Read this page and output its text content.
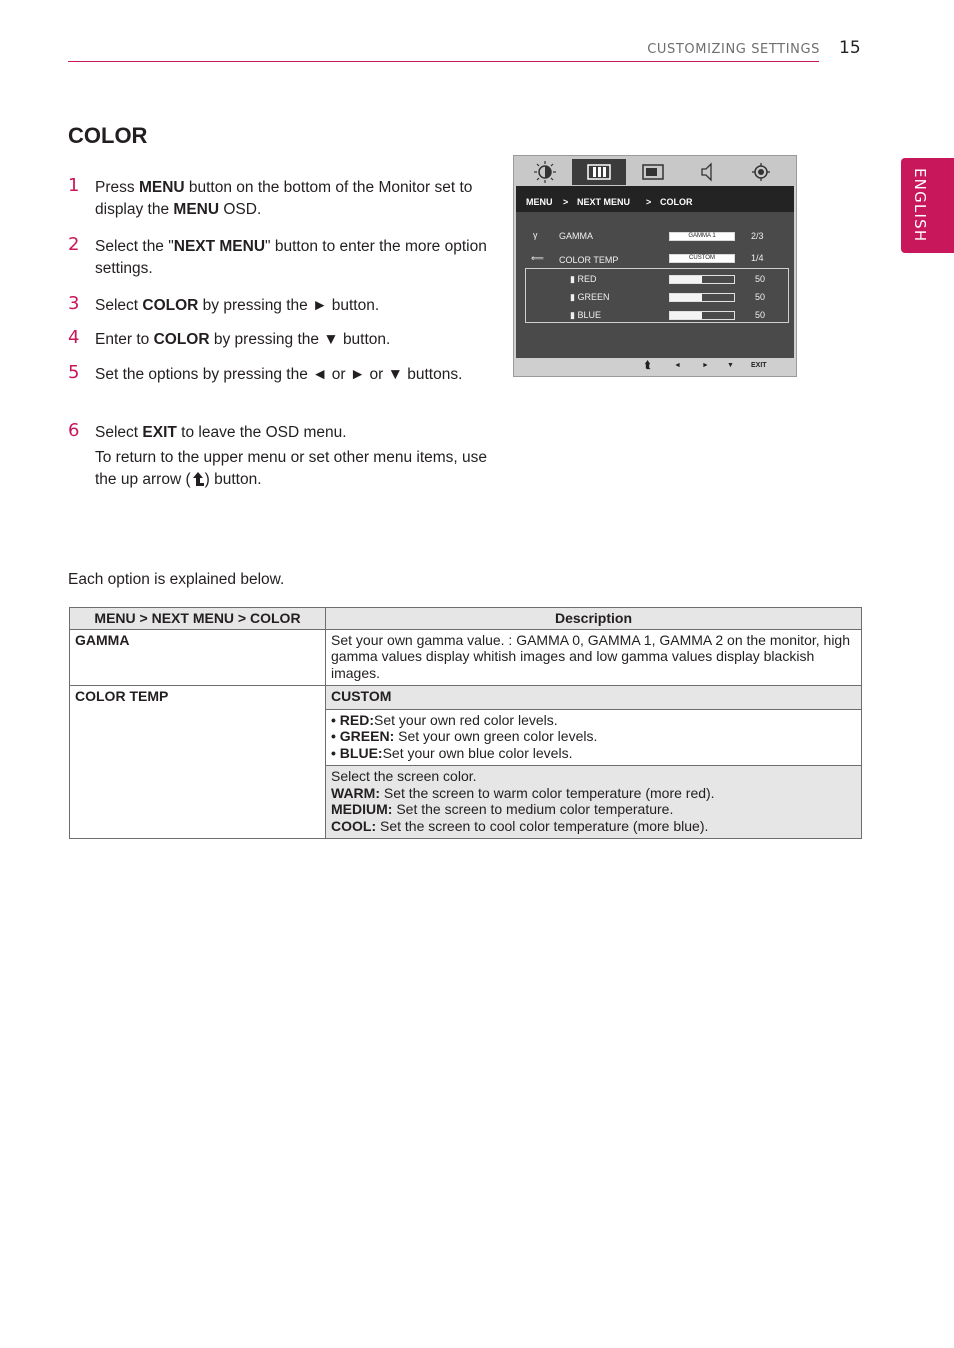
CUSTOMIZING SETTINGS 15
ENGLISH
COLOR
1 Press MENU button on the bottom of the Monitor set to display the MENU OSD.

2 Select the "NEXT MENU" button to enter the more option settings.

3 Select COLOR by pressing the ► button.

4 Enter to COLOR by pressing the ▼ button.

5 Set the options by pressing the ◄ or ► or ▼ buttons.

6 Select EXIT to leave the OSD menu.

To return to the upper menu or set other menu items, use the up arrow ( ) button.

MENU > NEXT MENU > COLOR
γ GAMMA	GAMMA 1	2/3
⟸ COLOR TEMP	CUSTOM	1/4
▮ RED	50
▮ GREEN	50
▮ BLUE	50
⮬	◄	►	▼ EXIT

Each option is explained below.

MENU > NEXT MENU > COLOR	Description
GAMMA	Set your own gamma value. : GAMMA 0, GAMMA 1, GAMMA 2 on the monitor, high gamma values display whitish images and low gamma values display blackish images.
COLOR TEMP	CUSTOM

	• RED:Set your own red color levels.

• GREEN: Set your own green color levels.

• BLUE:Set your own blue color levels.

	Select the screen color.

WARM: Set the screen to warm color temperature (more red).

MEDIUM: Set the screen to medium color temperature.

COOL: Set the screen to cool color temperature (more blue).
